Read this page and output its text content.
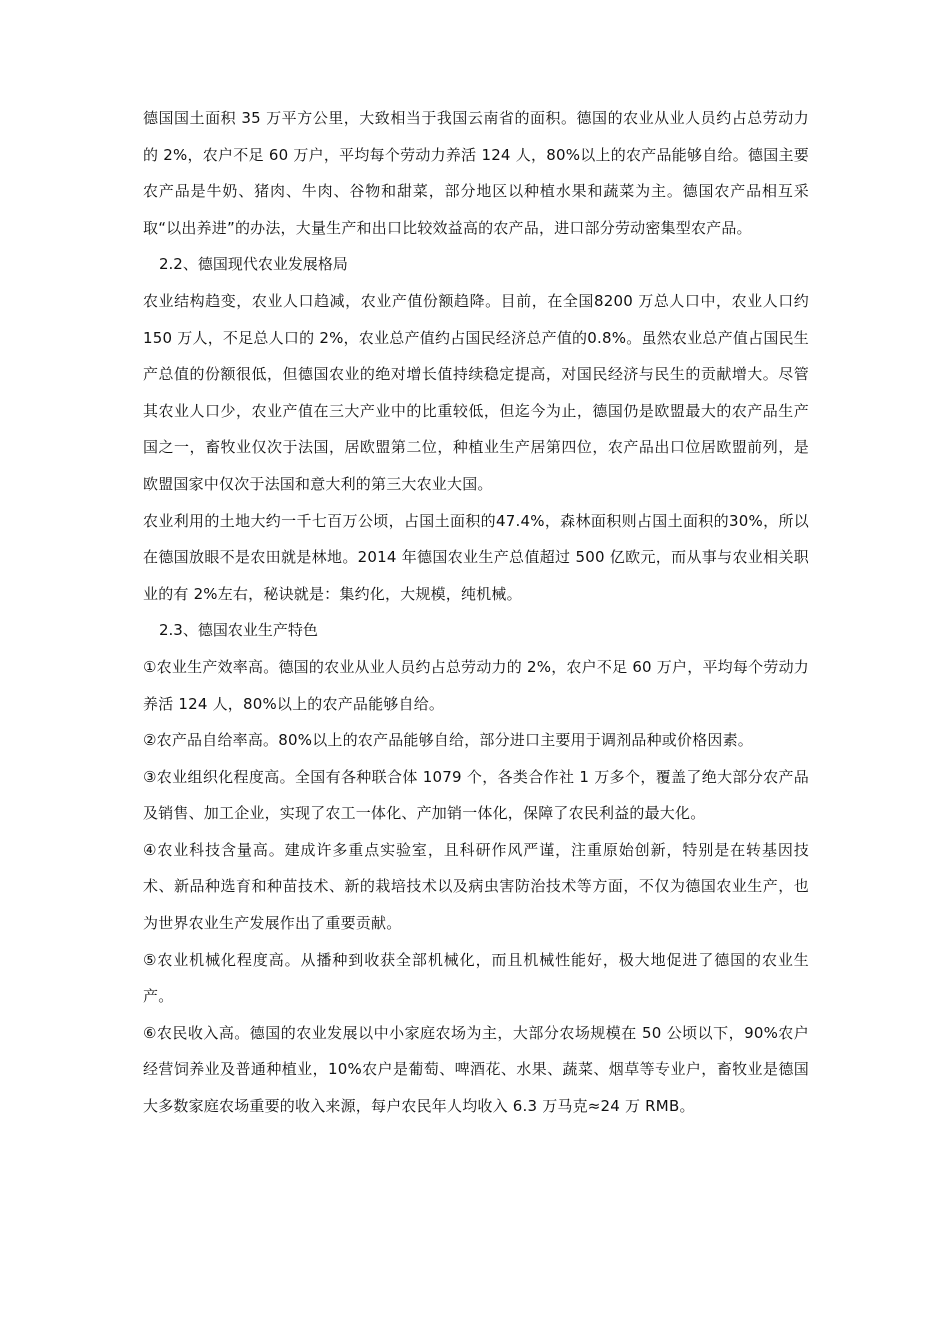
德国国土面积 35 万平方公里，大致相当于我国云南省的面积。德国的农业从业人员约占总劳动力的 2%，农户不足 60 万户，平均每个劳动力养活 124 人，80%以上的农产品能够自给。德国主要农产品是牛奶、猪肉、牛肉、谷物和甜菜，部分地区以种植水果和蔬菜为主。德国农产品相互采取“以出养进”的办法，大量生产和出口比较效益高的农产品，进口部分劳动密集型农产品。

2.2、德国现代农业发展格局

农业结构趋变，农业人口趋减，农业产值份额趋降。目前，在全国8200 万总人口中，农业人口约 150 万人，不足总人口的 2%，农业总产值约占国民经济总产值的0.8%。虽然农业总产值占国民生产总值的份额很低，但德国农业的绝对增长值持续稳定提高，对国民经济与民生的贡献增大。尽管其农业人口少，农业产值在三大产业中的比重较低，但迄今为止，德国仍是欧盟最大的农产品生产国之一，畜牧业仅次于法国，居欧盟第二位，种植业生产居第四位，农产品出口位居欧盟前列，是欧盟国家中仅次于法国和意大利的第三大农业大国。

农业利用的土地大约一千七百万公顷，占国土面积的47.4%，森林面积则占国土面积的30%，所以在德国放眼不是农田就是林地。2014 年德国农业生产总值超过 500 亿欧元，而从事与农业相关职业的有 2%左右，秘诀就是：集约化，大规模，纯机械。

2.3、德国农业生产特色

①农业生产效率高。德国的农业从业人员约占总劳动力的 2%，农户不足 60 万户，平均每个劳动力养活 124 人，80%以上的农产品能够自给。

②农产品自给率高。80%以上的农产品能够自给，部分进口主要用于调剂品种或价格因素。

③农业组织化程度高。全国有各种联合体 1079 个，各类合作社 1 万多个，覆盖了绝大部分农产品及销售、加工企业，实现了农工一体化、产加销一体化，保障了农民利益的最大化。

④农业科技含量高。建成许多重点实验室，且科研作风严谨，注重原始创新，特别是在转基因技术、新品种选育和种苗技术、新的栽培技术以及病虫害防治技术等方面，不仅为德国农业生产，也为世界农业生产发展作出了重要贡献。

⑤农业机械化程度高。从播种到收获全部机械化，而且机械性能好，极大地促进了德国的农业生产。

⑥农民收入高。德国的农业发展以中小家庭农场为主，大部分农场规模在 50 公顷以下，90%农户经营饲养业及普通种植业，10%农户是葡萄、啤酒花、水果、蔬菜、烟草等专业户，畜牧业是德国大多数家庭农场重要的收入来源，每户农民年人均收入 6.3 万马克≈24 万 RMB。
